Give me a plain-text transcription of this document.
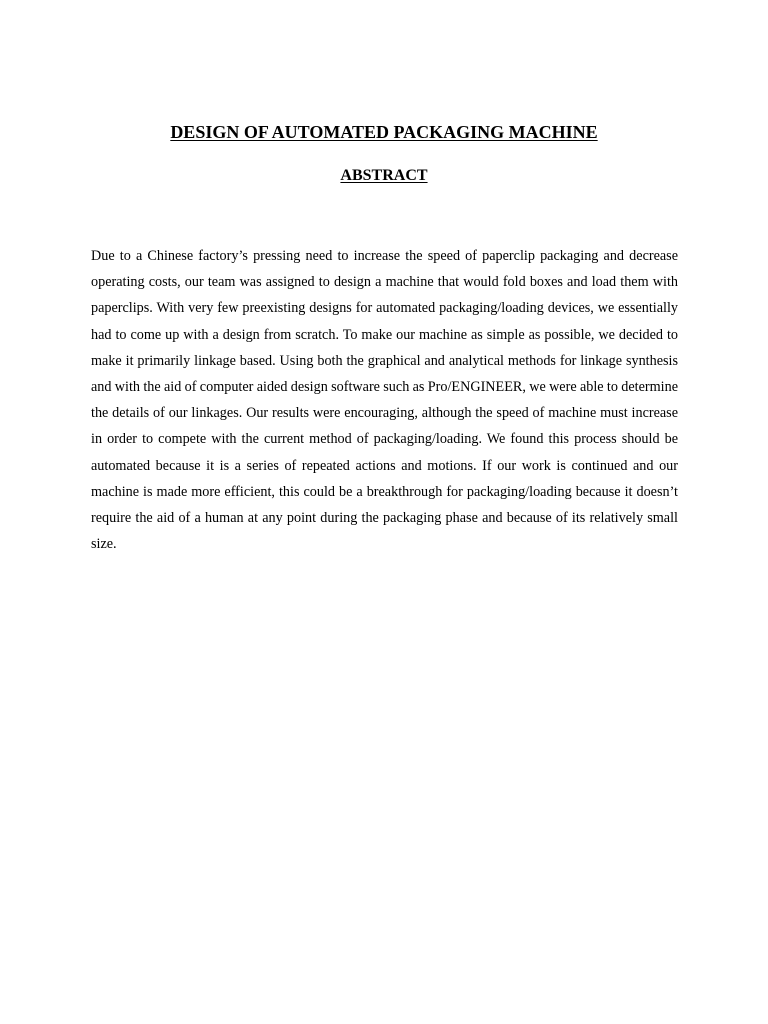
DESIGN OF AUTOMATED PACKAGING MACHINE
ABSTRACT

Due to a Chinese factory’s pressing need to increase the speed of paperclip packaging and decrease operating costs, our team was assigned to design a machine that would fold boxes and load them with paperclips. With very few preexisting designs for automated packaging/loading devices, we essentially had to come up with a design from scratch. To make our machine as simple as possible, we decided to make it primarily linkage based. Using both the graphical and analytical methods for linkage synthesis and with the aid of computer aided design software such as Pro/ENGINEER, we were able to determine the details of our linkages. Our results were encouraging, although the speed of machine must increase in order to compete with the current method of packaging/loading. We found this process should be automated because it is a series of repeated actions and motions. If our work is continued and our machine is made more efficient, this could be a breakthrough for packaging/loading because it doesn’t require the aid of a human at any point during the packaging phase and because of its relatively small size.
